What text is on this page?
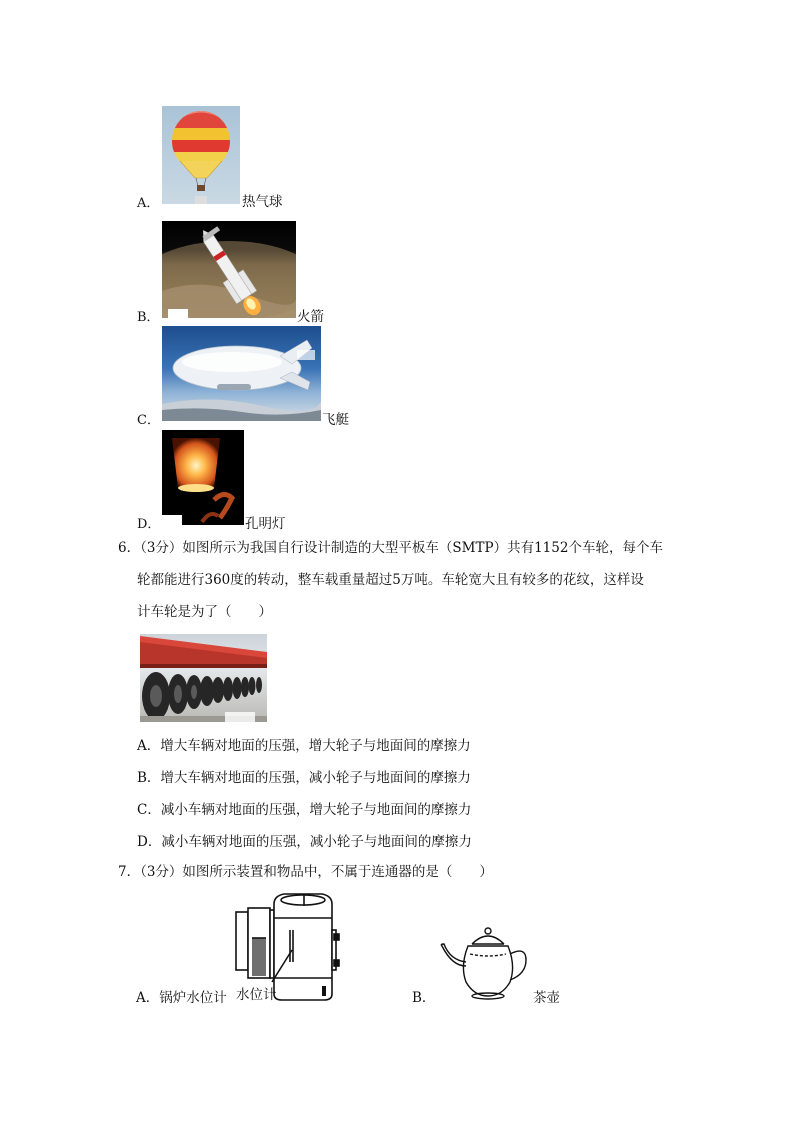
A．	热气球
B．	火箭
C．	飞艇
D．	孔明灯
6．（3分）如图所示为我国自行设计制造的大型平板车（SMTP）共有1152个车轮，每个车
轮都能进行360度的转动，整车载重量超过5万吨。车轮宽大且有较多的花纹，这样设
计车轮是为了（　　）
A．增大车辆对地面的压强，增大轮子与地面间的摩擦力
B．增大车辆对地面的压强，减小轮子与地面间的摩擦力
C．减小车辆对地面的压强，增大轮子与地面间的摩擦力
D．减小车辆对地面的压强，减小轮子与地面间的摩擦力
7．（3分）如图所示装置和物品中，不属于连通器的是（　　）
A．锅炉水位计 水位计	B．	茶壶
